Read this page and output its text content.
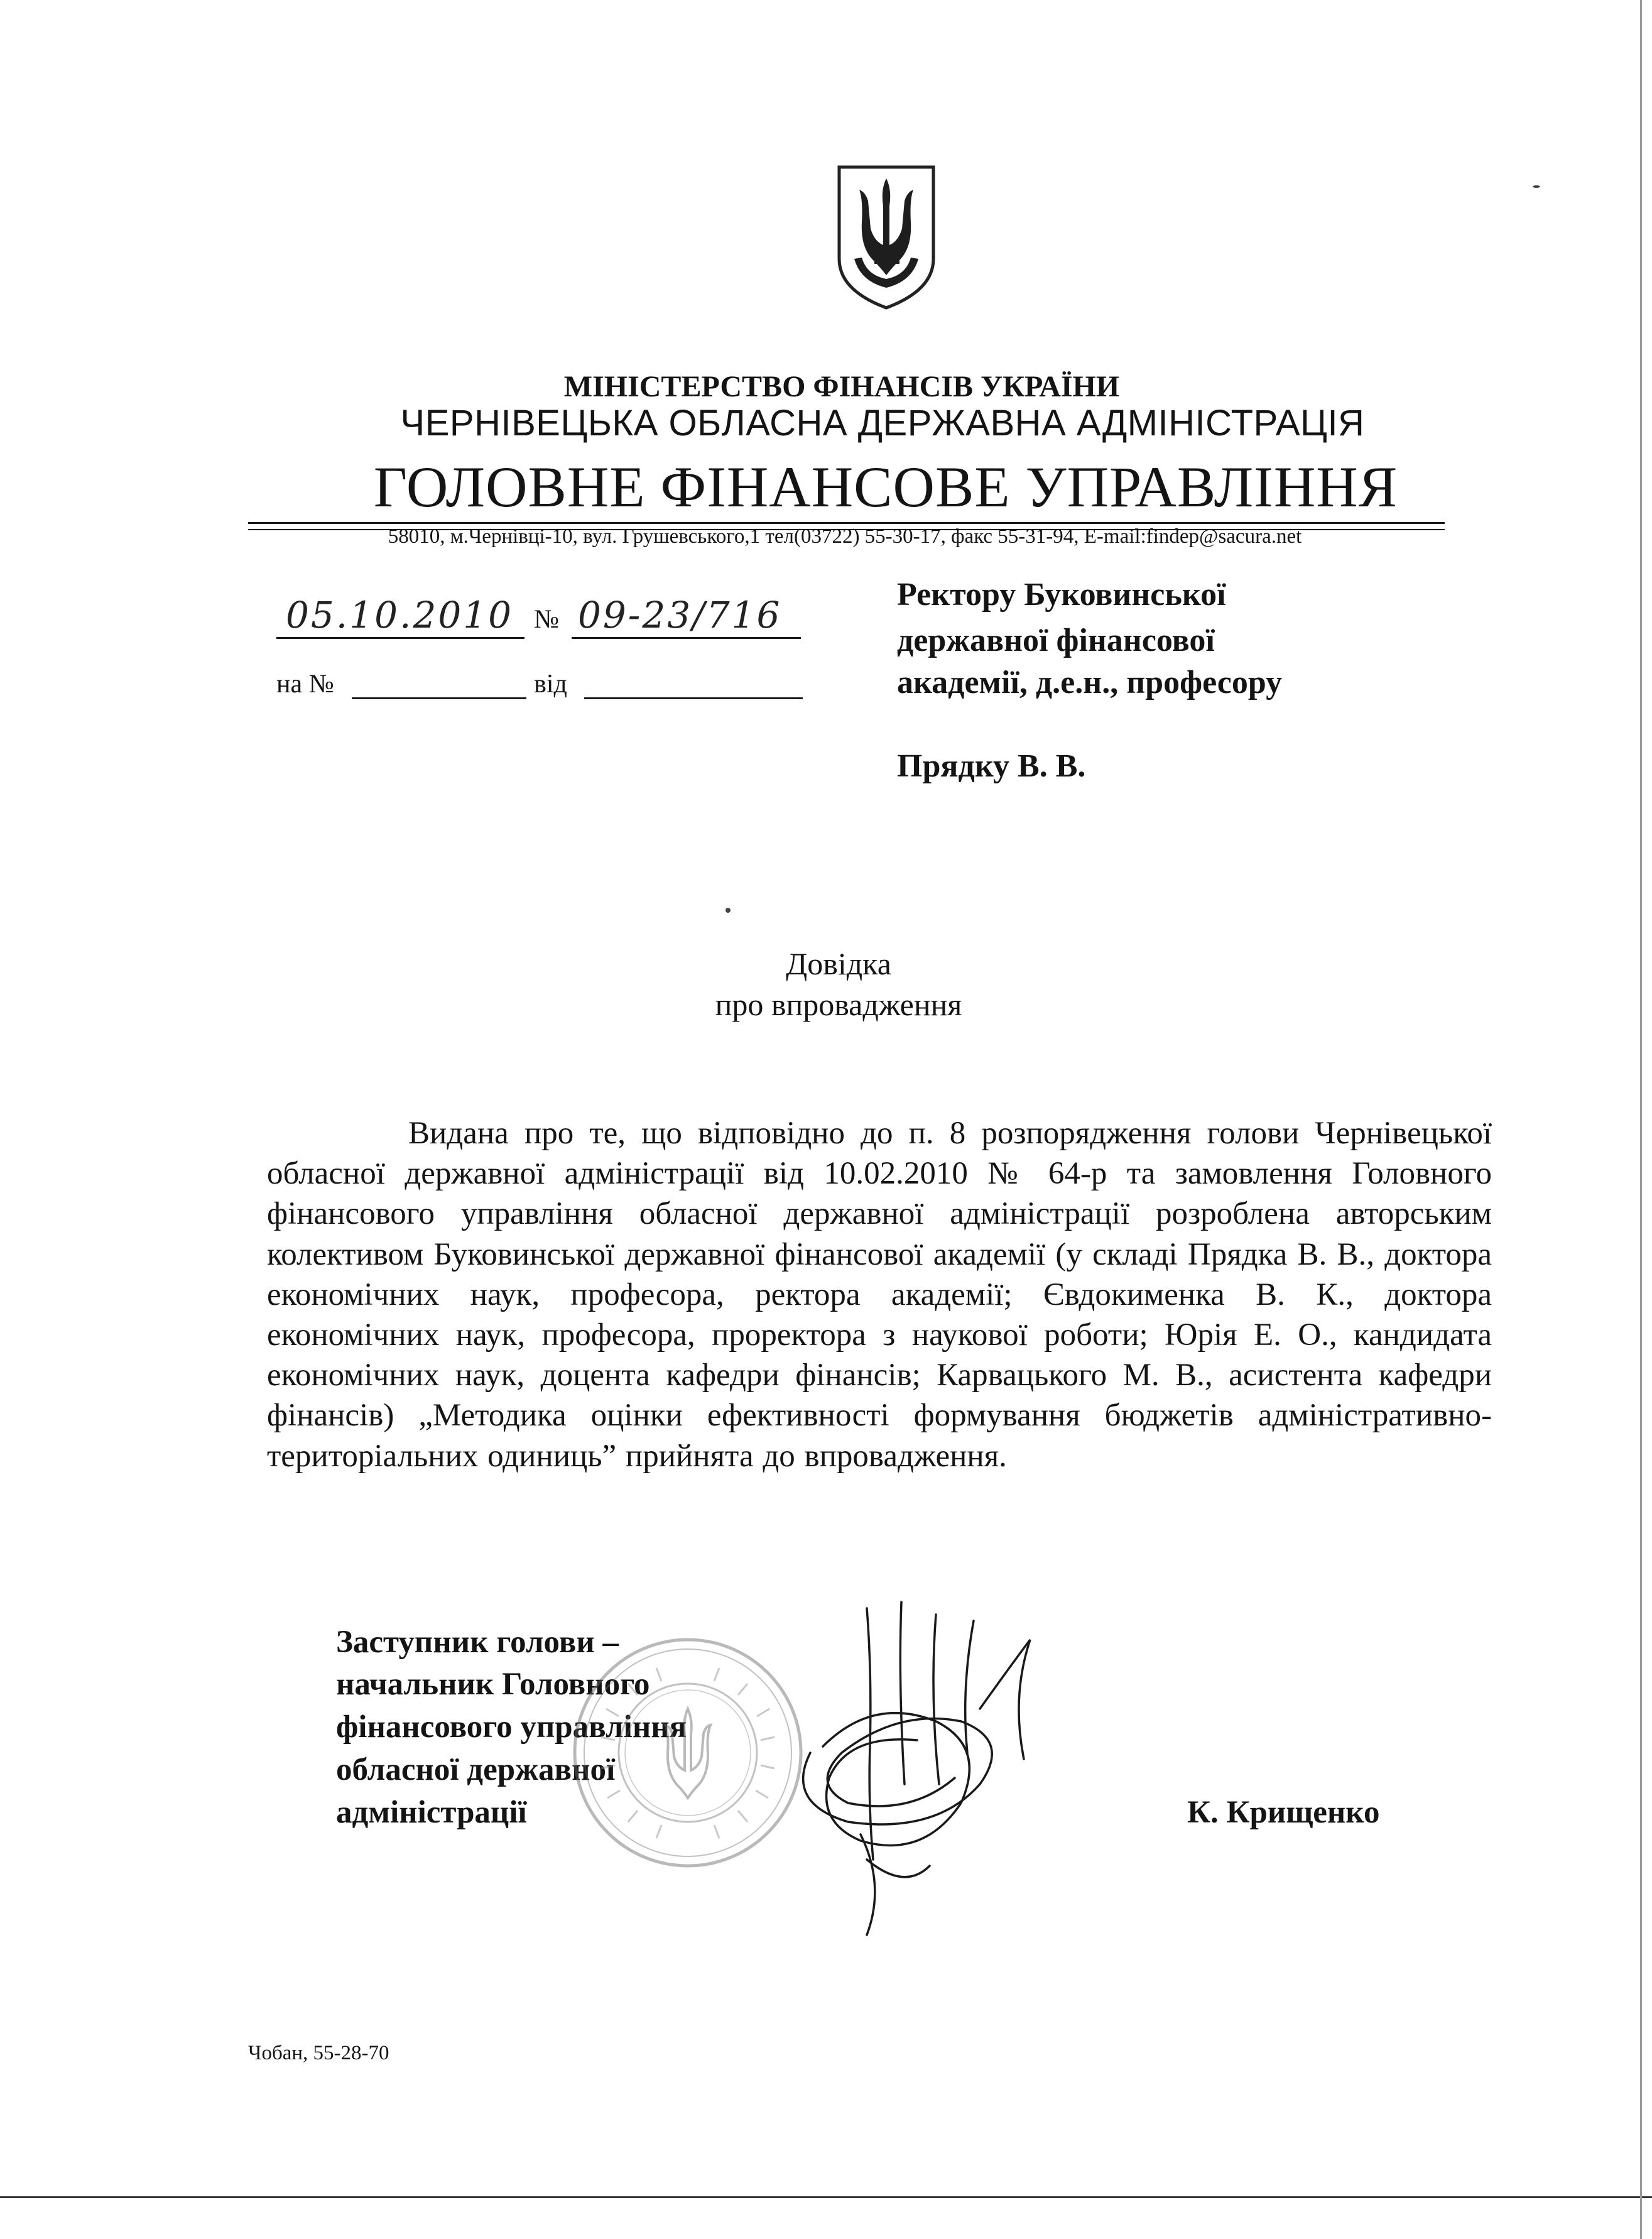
МІНІСТЕРСТВО ФІНАНСІВ УКРАЇНИ
ЧЕРНІВЕЦЬКА ОБЛАСНА ДЕРЖАВНА АДМІНІСТРАЦІЯ
ГОЛОВНЕ ФІНАНСОВЕ УПРАВЛІННЯ
58010, м.Чернівці-10, вул. Грушевського,1 тел(03722) 55-30-17, факс 55-31-94, E-mail:findep@sacura.net
05.10.2010 № 09-23/716
на №	від
Ректору Буковинської
державної фінансової
академії, д.е.н., професору
Прядку В. В.
Довідка
про впровадження
Видана про те, що відповідно до п. 8 розпорядження голови Чернівецької обласної державної адміністрації від 10.02.2010 № 64-р та замовлення Головного фінансового управління обласної державної адміністрації розроблена авторським колективом Буковинської державної фінансової академії (у складі Прядка В. В., доктора економічних наук, професора, ректора академії; Євдокименка В. К., доктора економічних наук, професора, проректора з наукової роботи; Юрія Е. О., кандидата економічних наук, доцента кафедри фінансів; Карвацького М. В., асистента кафедри фінансів) „Методика оцінки ефективності формування бюджетів адміністративно-територіальних одиниць” прийнята до впровадження.
Заступник голови –
начальник Головного
фінансового управління
обласної державної
адміністрації	К. Крищенко
Чобан, 55-28-70
